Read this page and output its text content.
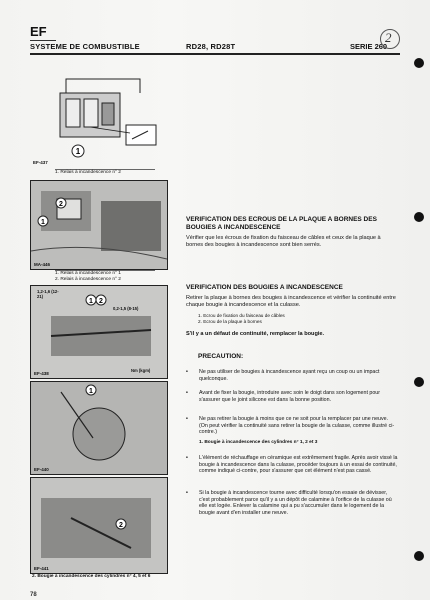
EF
SYSTEME DE COMBUSTIBLE	RD28, RD28T	SERIE 260
2
1
EF-437
1. Relais à incandescence n° 2
2
1
MA-446
1. Relais à incandescence n° 1
2. Relais à incandescence n° 2
1 2
1,2-1,6 (12-21)
0,2-1,5 (8-15)
Nm (kgm)
EF-438
1
EF-440
2
EF-441
2. Bougie à incandescence des cylindres n° 4, 5 et 6
VERIFICATION DES ECROUS DE LA PLAQUE A BORNES DES BOUGIES A INCANDESCENCE
Vérifier que les écrous de fixation du faisceau de câbles et ceux de la plaque à bornes des bougies à incandescence sont bien serrés.
VERIFICATION DES BOUGIES A INCANDESCENCE
Retirer la plaque à bornes des bougies à incandescence et vérifier la continuité entre chaque bougie à incandescence et la culasse.
1. Ecrou de fixation du faisceau de câbles
2. Ecrou de la plaque à bornes
S'il y a un défaut de continuité, remplacer la bougie.
PRECAUTION:
• Ne pas utiliser de bougies à incandescence ayant reçu un coup ou un impact quelconque.
• Avant de fixer la bougie, introduire avec soin le doigt dans son logement pour s'assurer que le joint silicone est dans la bonne position.
• Ne pas retirer la bougie à moins que ce ne soit pour la remplacer par une neuve. (On peut vérifier la continuité sans retirer la bougie de la culasse, comme illustré ci-contre.)
1. Bougie à incandescence des cylindres n° 1, 2 et 3
• L'élément de réchauffage en céramique est extrêmement fragile. Après avoir vissé la bougie à incandescence dans la culasse, procéder toujours à un essai de continuité, comme indiqué ci-contre, pour s'assurer que cet élément n'est pas cassé.
• Si la bougie à incandescence tourne avec difficulté lorsqu'on essaie de dévisser, c'est probablement parce qu'il y a un dépôt de calamine à l'orifice de la culasse où elle est logée. Enlever la calamine qui a pu s'accumuler dans le logement de la bougie avant d'en installer une neuve.
78
